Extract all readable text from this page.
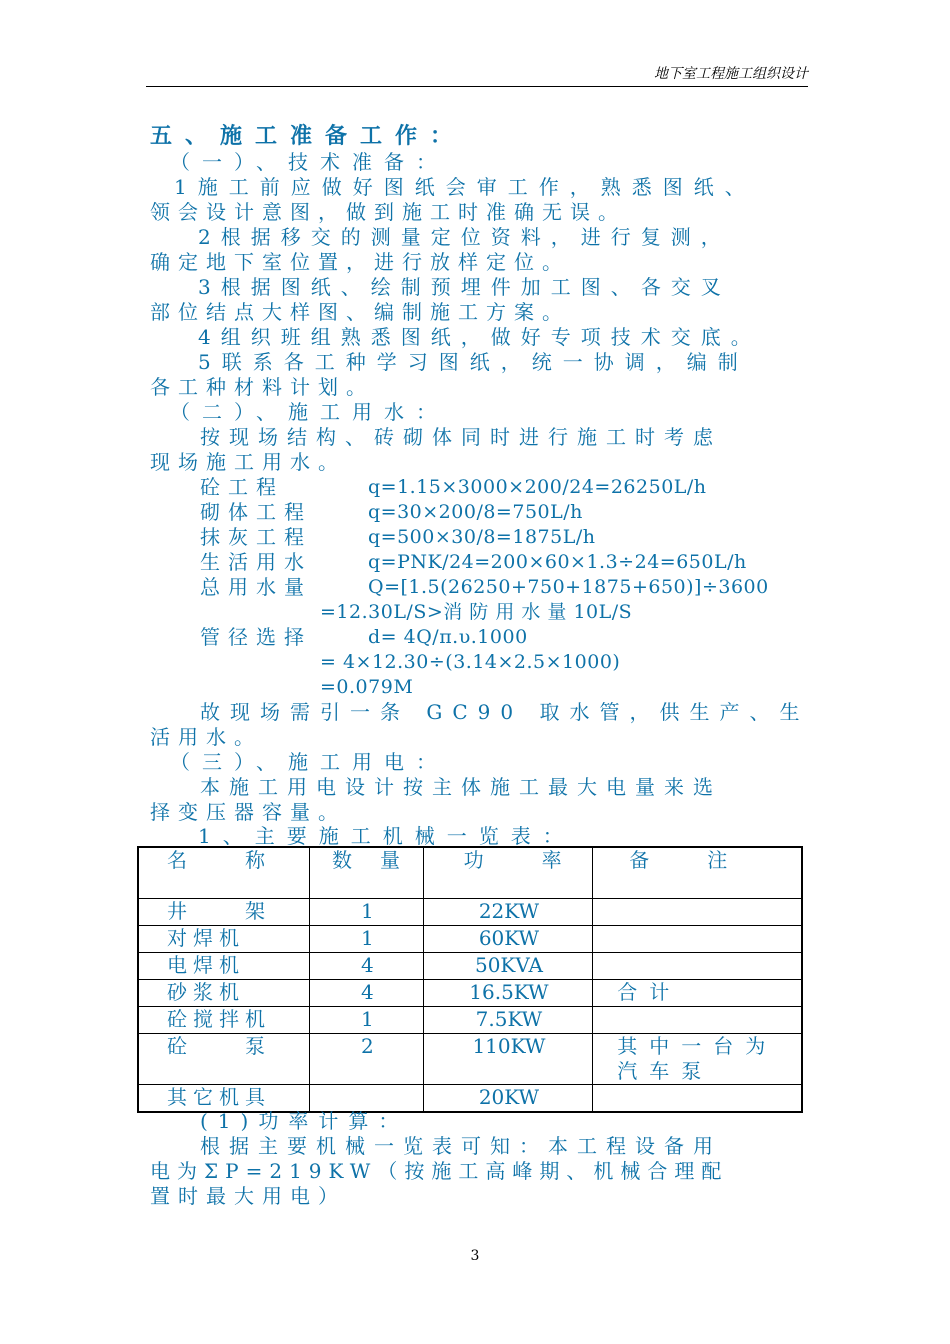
地下室工程施工组织设计
五、施工准备工作：
（一）、技术准备：
1施工前应做好图纸会审工作，熟悉图纸、
领会设计意图，做到施工时准确无误。
2根据移交的测量定位资料，进行复测，
确定地下室位置，进行放样定位。
3根据图纸、绘制预埋件加工图、各交叉
部位结点大样图、编制施工方案。
4组织班组熟悉图纸，做好专项技术交底。
5联系各工种学习图纸，统一协调，编制
各工种材料计划。
（二）、施工用水：
按现场结构、砖砌体同时进行施工时考虑
现场施工用水。
砼工程	q=1.15×3000×200/24=26250L/h
砌体工程	q=30×200/8=750L/h
抹灰工程	q=500×30/8=1875L/h
生活用水	q=PNK/24=200×60×1.3÷24=650L/h
总用水量	Q=[1.5(26250+750+1875+650)]÷3600
=12.30L/S>消 防 用 水 量 10L/S
管径选择	d= 4Q/π.υ.1000
= 4×12.30÷(3.14×2.5×1000)
=0.079M
故现场需引一条 GC90 取水管，供生产、生
活用水。
（三）、施工用电：
本施工用电设计按主体施工最大电量来选
择变压器容量。
1、主要施工机械一览表：
名　　称	数　量	功　　率	备　　注
井　　架	1	22KW	
对焊机	1	60KW	
电焊机	4	50KVA	
砂浆机	4	16.5KW	合计
砼搅拌机	1	7.5KW	
砼　　泵	2	110KW	其中一台为汽车泵
其它机具		20KW	
(1)功率计算：
根据主要机械一览表可知：本工程设备用
电为ΣP=219KW（按施工高峰期、机械合理配
置时最大用电）
3
